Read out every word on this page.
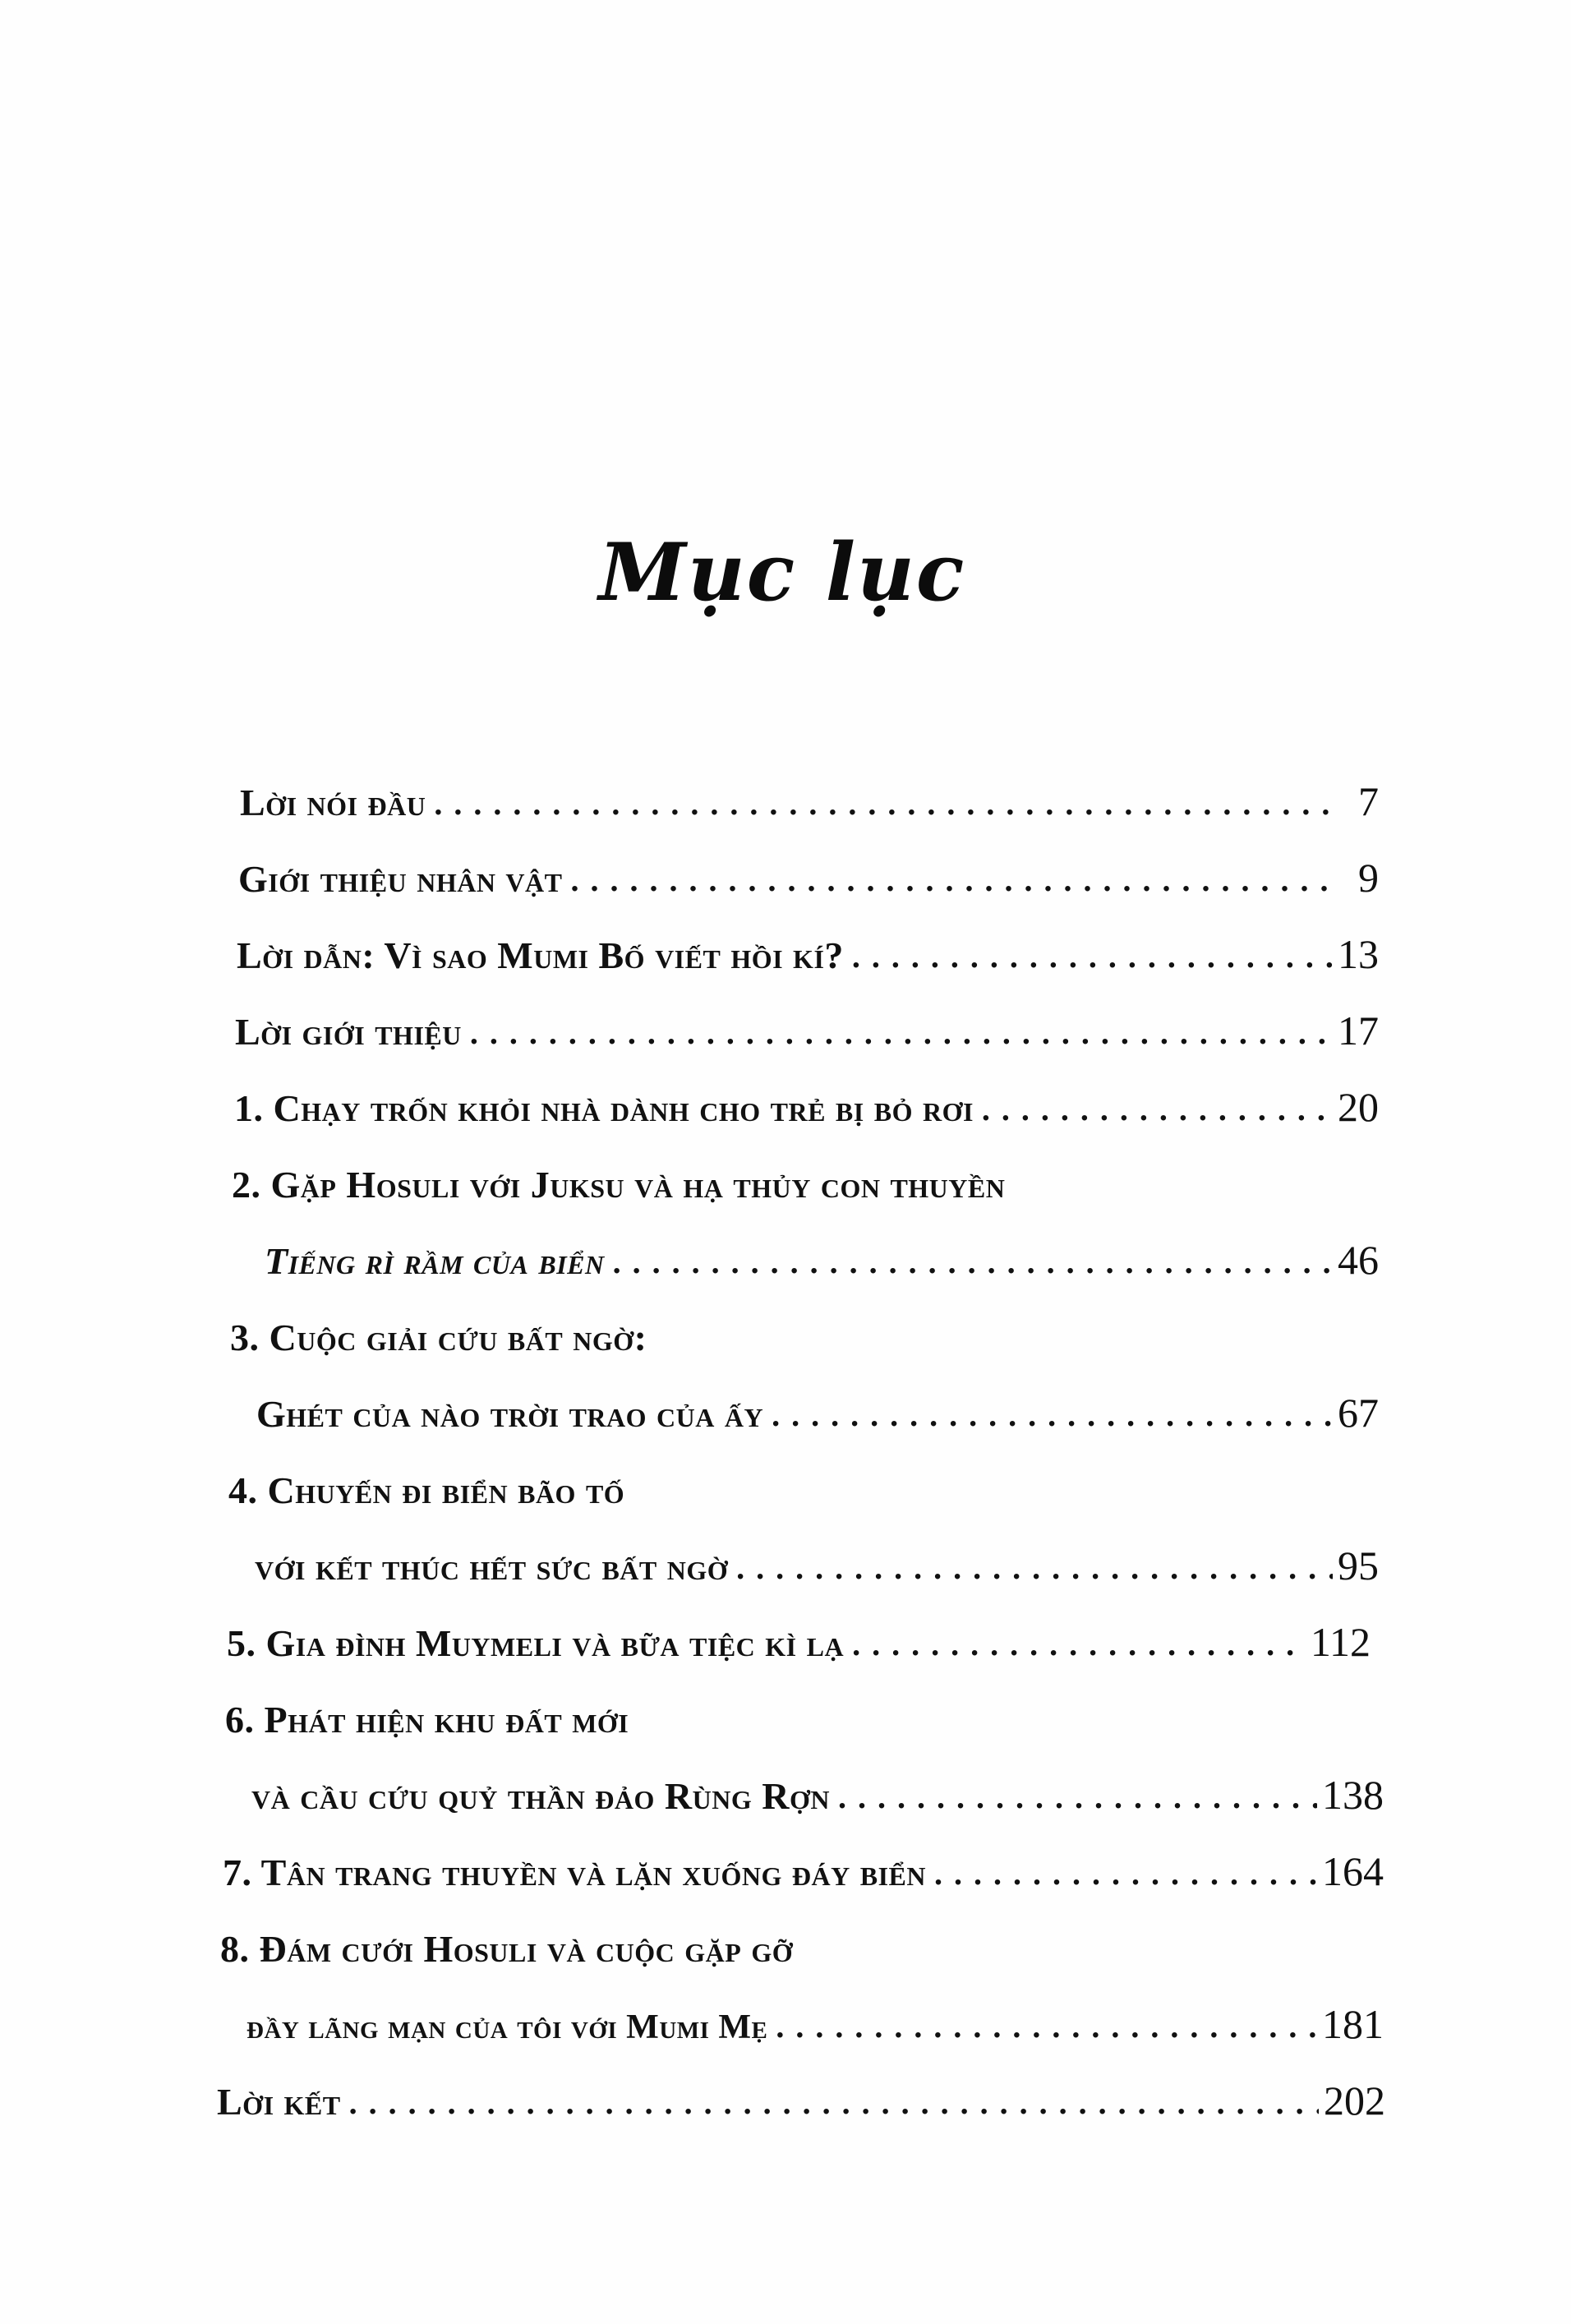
Mục lục
Lời nói đầu . . .	7
Giới thiệu nhân vật . . .	9
Lời dẫn: Vì sao Mumi Bố viết hồi kí? . . .	13
Lời giới thiệu . . .	17
1. Chạy trốn khỏi nhà dành cho trẻ bị bỏ rơi . . .	20
2. Gặp Hosuli với Juksu và hạ thủy con thuyền
Tiếng rì rầm của biển . . .	46
3. Cuộc giải cứu bất ngờ:
Ghét của nào trời trao của ấy . . .	67
4. Chuyến đi biển bão tố
với kết thúc hết sức bất ngờ . . .	95
5. Gia đình Muymeli và bữa tiệc kì lạ . . .	112
6. Phát hiện khu đất mới
và cầu cứu quỷ thần đảo Rùng Rợn . . .	138
7. Tân trang thuyền và lặn xuống đáy biển . . .	164
8. Đám cưới Hosuli và cuộc gặp gỡ
đầy lãng mạn của tôi với Mumi Mẹ . . .	181
Lời kết . . .	202
